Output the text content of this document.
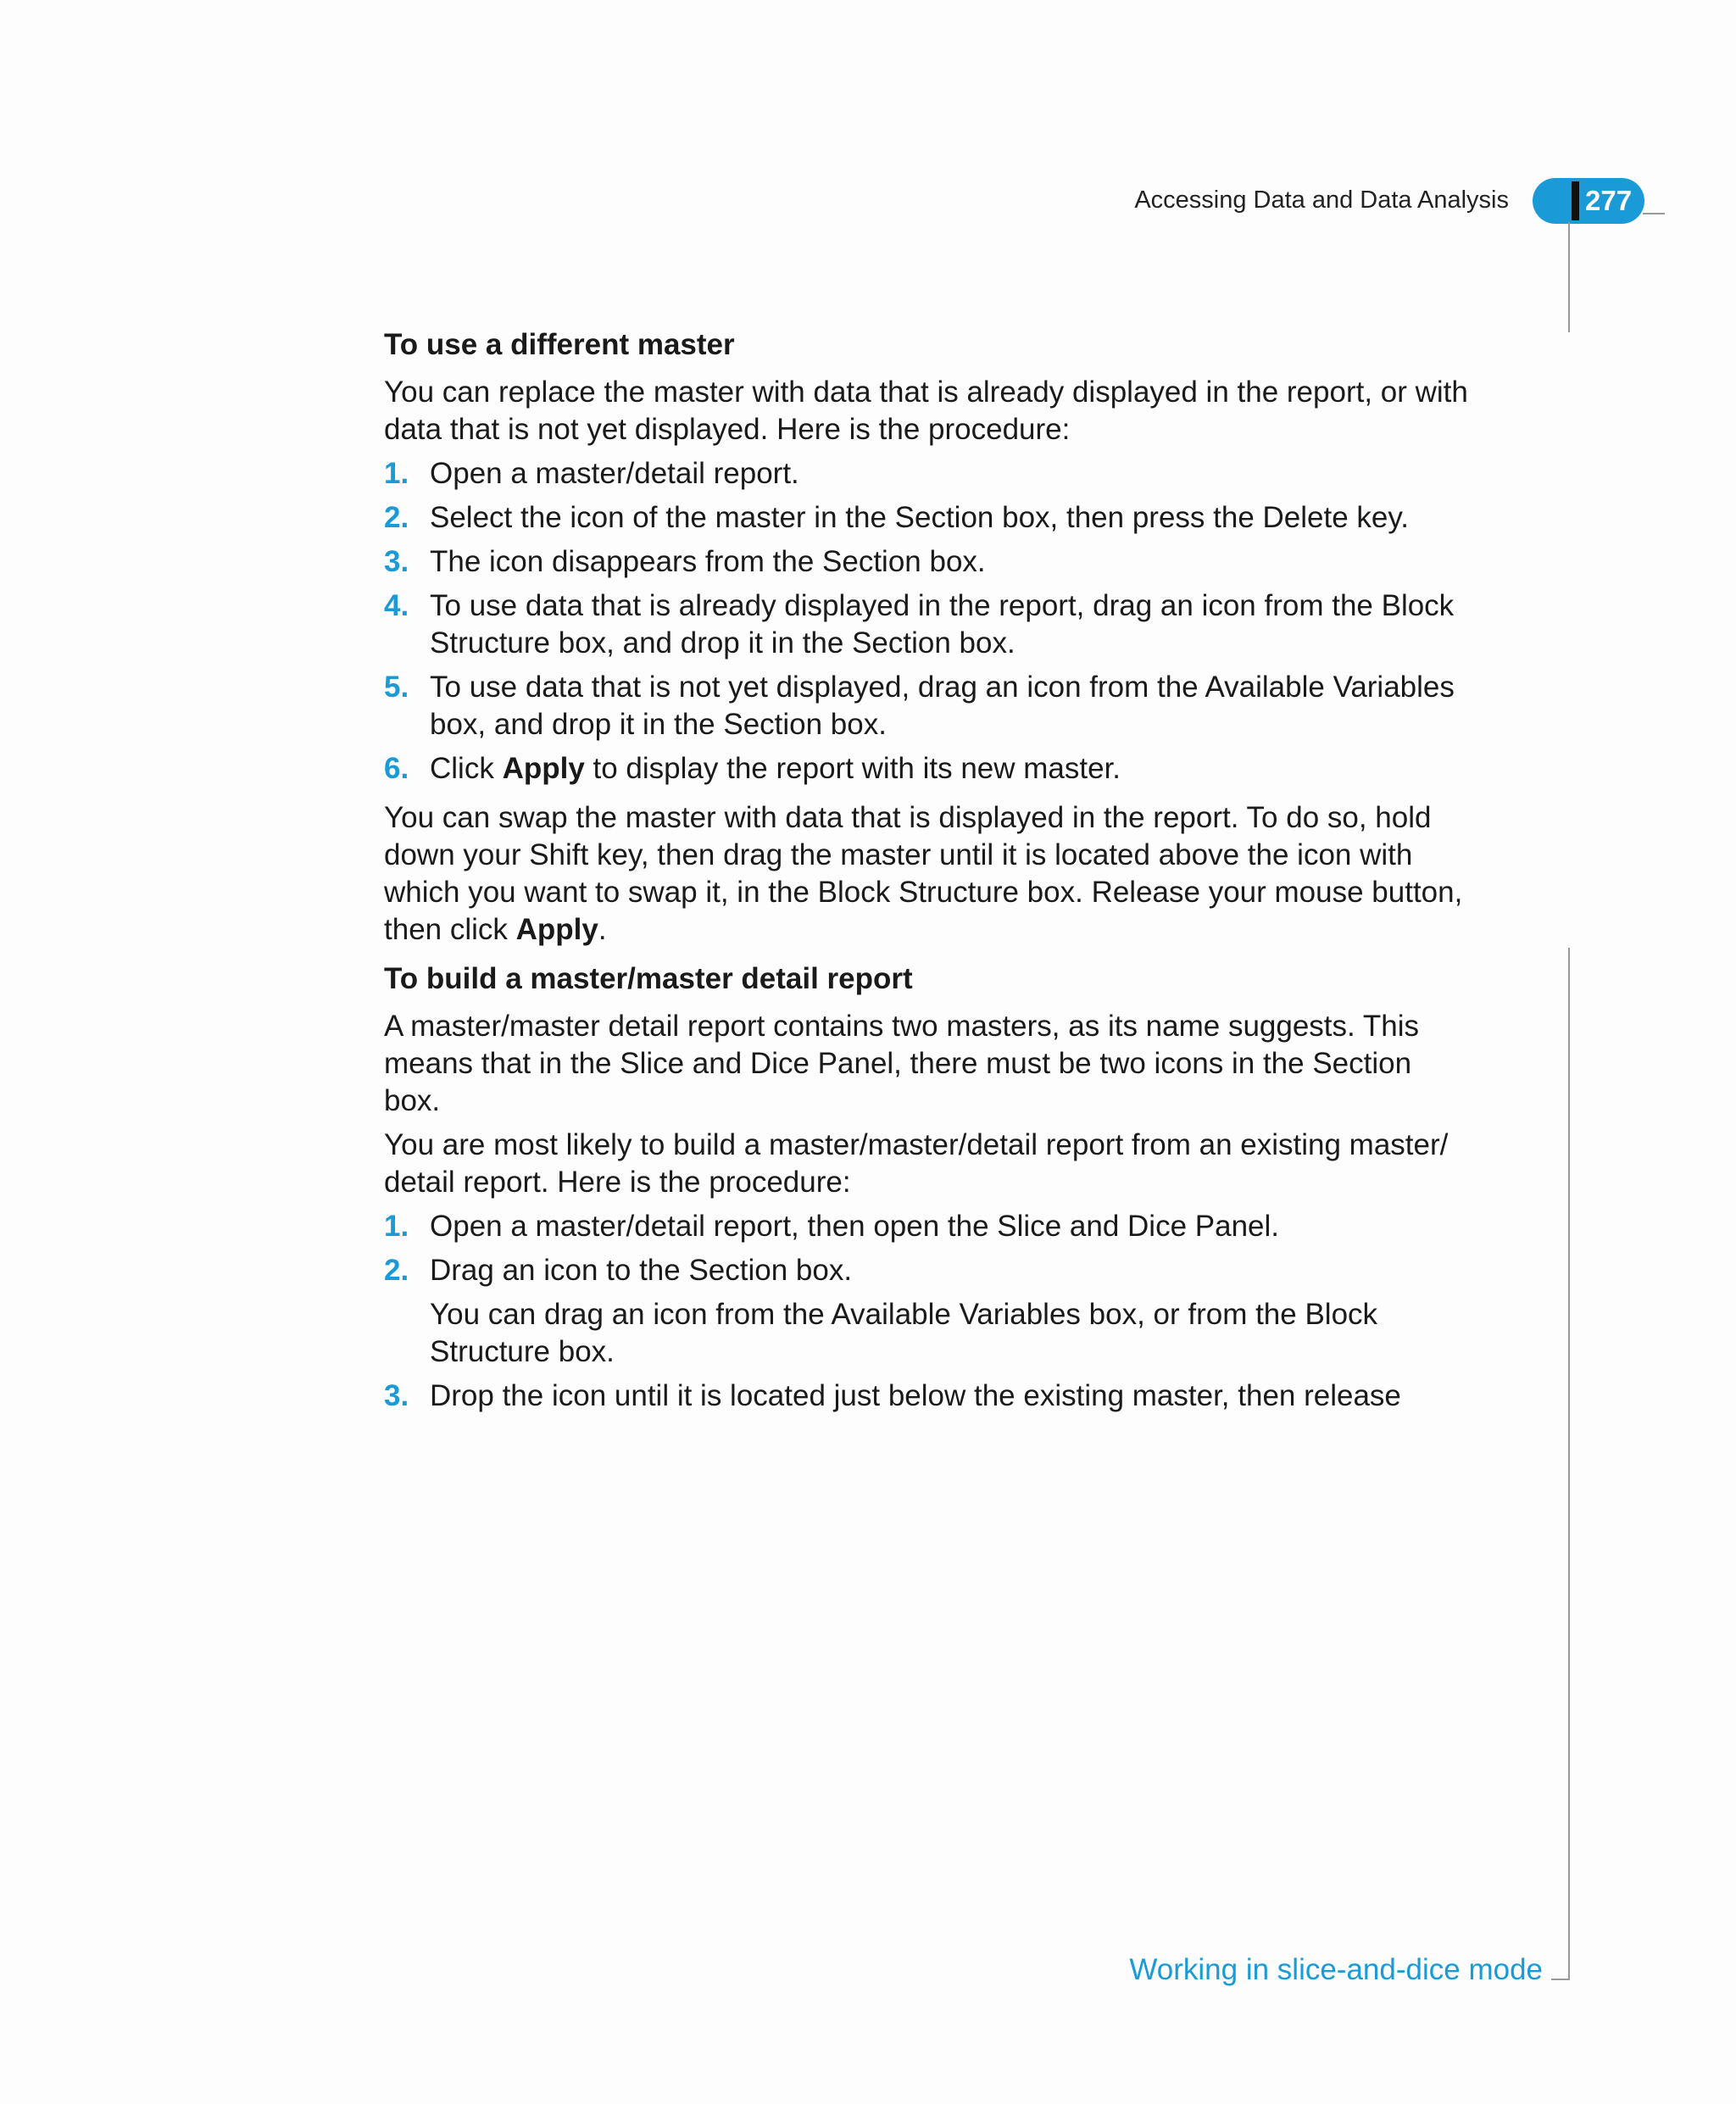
Accessing Data and Data Analysis	277
To use a different master

You can replace the master with data that is already displayed in the report, or with data that is not yet displayed. Here is the procedure:

1. Open a master/detail report.
2. Select the icon of the master in the Section box, then press the Delete key.
3. The icon disappears from the Section box.
4. To use data that is already displayed in the report, drag an icon from the Block Structure box, and drop it in the Section box.
5. To use data that is not yet displayed, drag an icon from the Available Variables box, and drop it in the Section box.
6. Click Apply to display the report with its new master.

You can swap the master with data that is displayed in the report. To do so, hold down your Shift key, then drag the master until it is located above the icon with which you want to swap it, in the Block Structure box. Release your mouse button, then click Apply.

To build a master/master detail report

A master/master detail report contains two masters, as its name suggests. This means that in the Slice and Dice Panel, there must be two icons in the Section box.

You are most likely to build a master/master/detail report from an existing master/ detail report. Here is the procedure:

1. Open a master/detail report, then open the Slice and Dice Panel.
2. Drag an icon to the Section box.
You can drag an icon from the Available Variables box, or from the Block Structure box.
3. Drop the icon until it is located just below the existing master, then release
Working in slice-and-dice mode
